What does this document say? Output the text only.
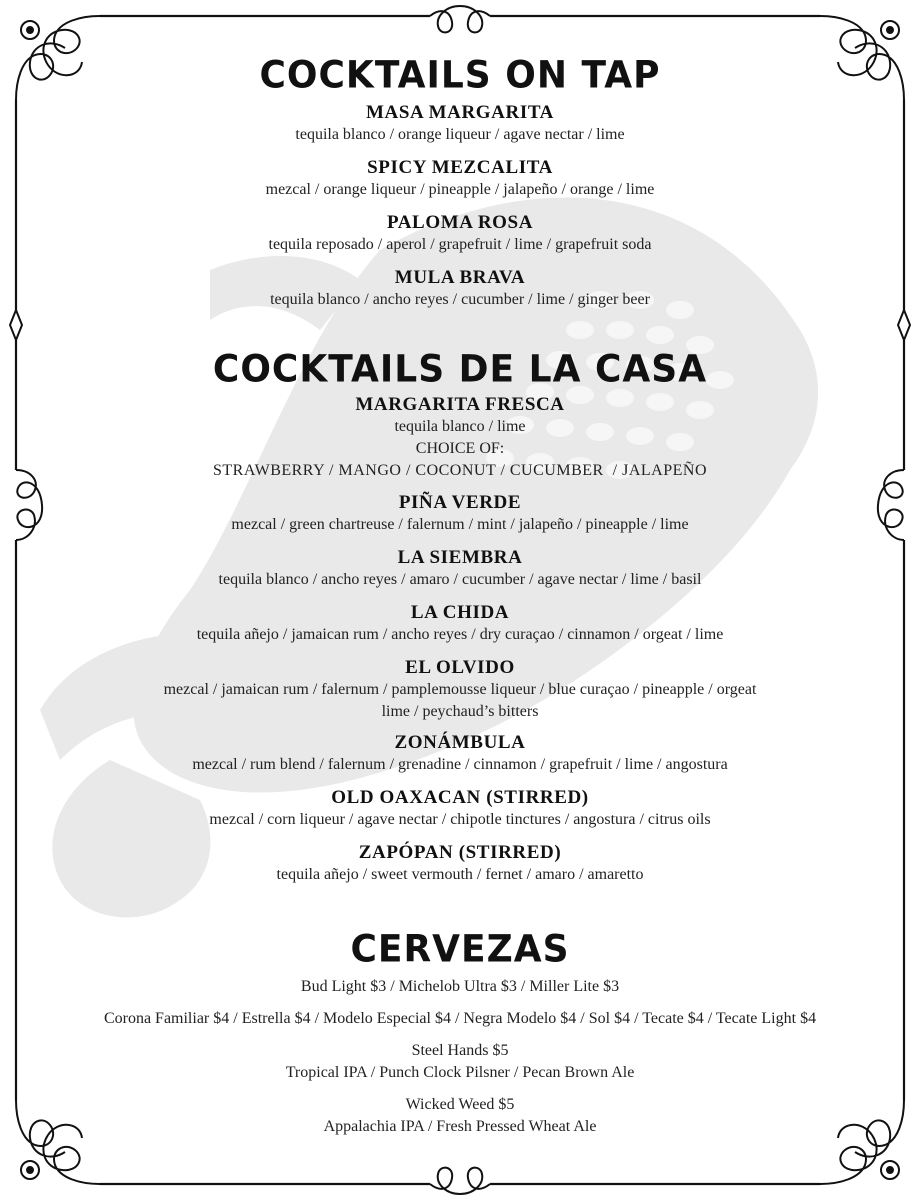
COCKTAILS ON TAP

MASA MARGARITA

tequila blanco / orange liqueur / agave nectar / lime

SPICY MEZCALITA

mezcal / orange liqueur / pineapple / jalapeño / orange / lime

PALOMA ROSA

tequila reposado / aperol / grapefruit / lime / grapefruit soda

MULA BRAVA

tequila blanco / ancho reyes / cucumber / lime / ginger beer

COCKTAILS DE LA CASA

MARGARITA FRESCA

tequila blanco / lime

CHOICE OF:

STRAWBERRY / MANGO / COCONUT / CUCUMBER  / JALAPEÑO

PIÑA VERDE

mezcal / green chartreuse / falernum / mint / jalapeño / pineapple / lime

LA SIEMBRA

tequila blanco / ancho reyes / amaro / cucumber / agave nectar / lime / basil

LA CHIDA

tequila añejo / jamaican rum / ancho reyes / dry curaçao / cinnamon / orgeat / lime

EL OLVIDO

mezcal / jamaican rum / falernum / pamplemousse liqueur / blue curaçao / pineapple / orgeat

lime / peychaud’s bitters

ZONÁMBULA

mezcal / rum blend / falernum / grenadine / cinnamon / grapefruit / lime / angostura

OLD OAXACAN (STIRRED)

mezcal / corn liqueur / agave nectar / chipotle tinctures / angostura / citrus oils

ZAPÓPAN (STIRRED)

tequila añejo / sweet vermouth / fernet / amaro / amaretto

CERVEZAS

Bud Light $3 / Michelob Ultra $3 / Miller Lite $3

Corona Familiar $4 / Estrella $4 / Modelo Especial $4 / Negra Modelo $4 / Sol $4 / Tecate $4 / Tecate Light $4

Steel Hands $5

Tropical IPA / Punch Clock Pilsner / Pecan Brown Ale

Wicked Weed $5

Appalachia IPA / Fresh Pressed Wheat Ale
